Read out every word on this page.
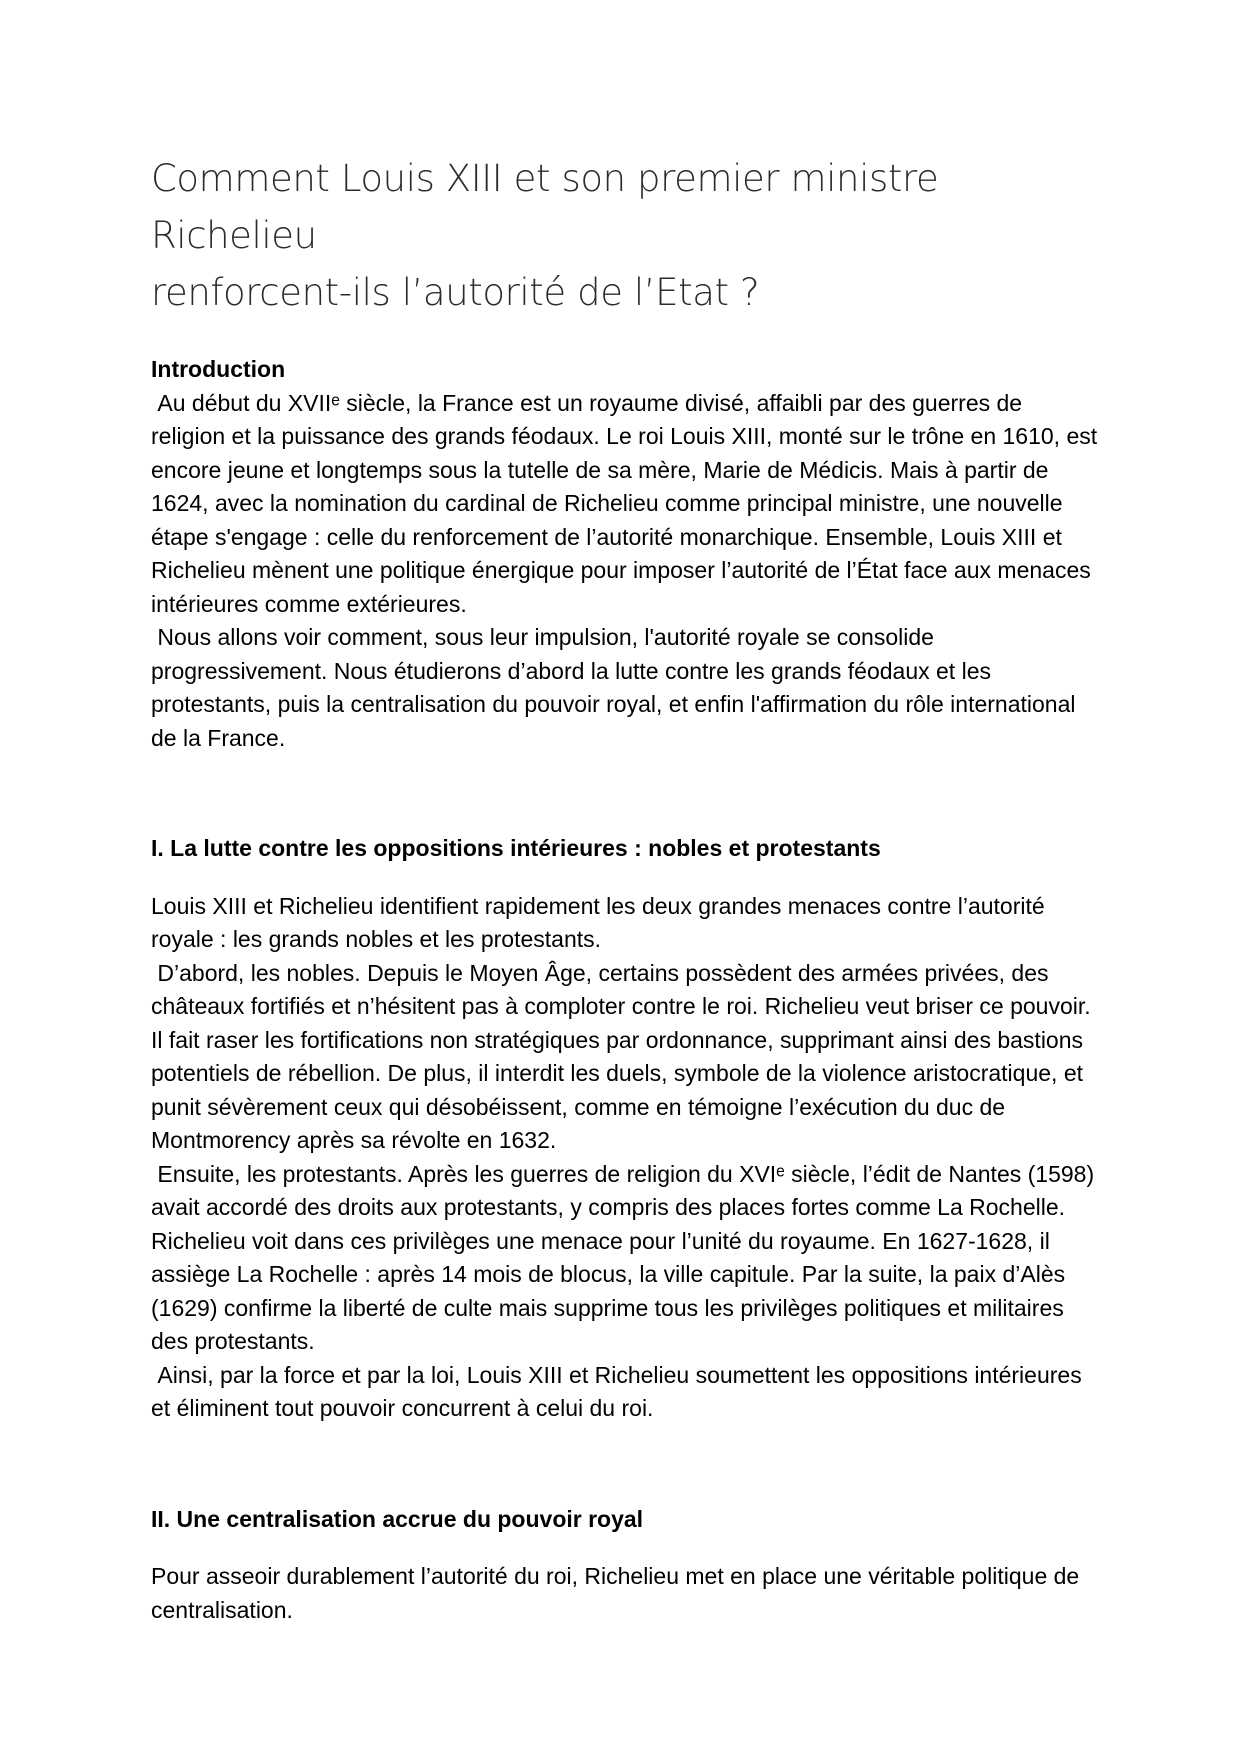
Comment Louis XIII et son premier ministre Richelieu
renforcent-ils l’autorité de l’Etat ?
Introduction

Au début du XVIIᵉ siècle, la France est un royaume divisé, affaibli par des guerres de religion et la puissance des grands féodaux. Le roi Louis XIII, monté sur le trône en 1610, est encore jeune et longtemps sous la tutelle de sa mère, Marie de Médicis. Mais à partir de 1624, avec la nomination du cardinal de Richelieu comme principal ministre, une nouvelle étape s'engage : celle du renforcement de l’autorité monarchique. Ensemble, Louis XIII et Richelieu mènent une politique énergique pour imposer l’autorité de l’État face aux menaces intérieures comme extérieures.

Nous allons voir comment, sous leur impulsion, l'autorité royale se consolide progressivement. Nous étudierons d’abord la lutte contre les grands féodaux et les protestants, puis la centralisation du pouvoir royal, et enfin l'affirmation du rôle international de la France.

I. La lutte contre les oppositions intérieures : nobles et protestants

Louis XIII et Richelieu identifient rapidement les deux grandes menaces contre l’autorité royale : les grands nobles et les protestants.

D’abord, les nobles. Depuis le Moyen Âge, certains possèdent des armées privées, des châteaux fortifiés et n’hésitent pas à comploter contre le roi. Richelieu veut briser ce pouvoir. Il fait raser les fortifications non stratégiques par ordonnance, supprimant ainsi des bastions potentiels de rébellion. De plus, il interdit les duels, symbole de la violence aristocratique, et punit sévèrement ceux qui désobéissent, comme en témoigne l’exécution du duc de Montmorency après sa révolte en 1632.

Ensuite, les protestants. Après les guerres de religion du XVIᵉ siècle, l’édit de Nantes (1598) avait accordé des droits aux protestants, y compris des places fortes comme La Rochelle. Richelieu voit dans ces privilèges une menace pour l’unité du royaume. En 1627-1628, il assiège La Rochelle : après 14 mois de blocus, la ville capitule. Par la suite, la paix d’Alès (1629) confirme la liberté de culte mais supprime tous les privilèges politiques et militaires des protestants.

Ainsi, par la force et par la loi, Louis XIII et Richelieu soumettent les oppositions intérieures et éliminent tout pouvoir concurrent à celui du roi.

II. Une centralisation accrue du pouvoir royal

Pour asseoir durablement l’autorité du roi, Richelieu met en place une véritable politique de centralisation.
